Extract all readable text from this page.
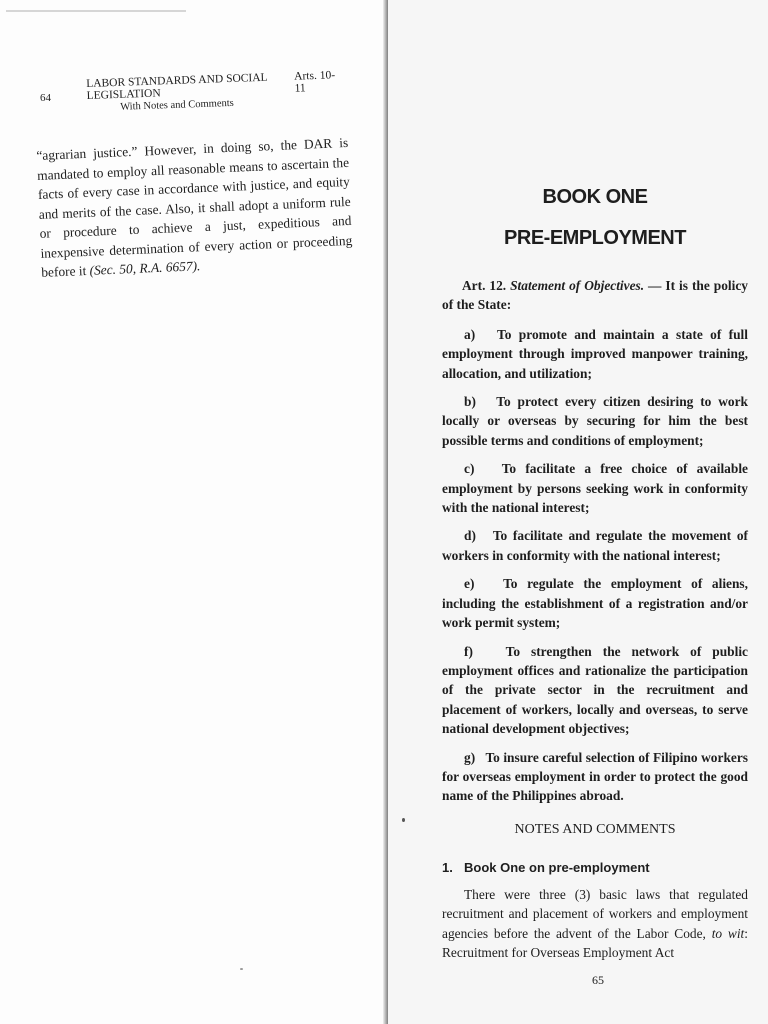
64
LABOR STANDARDS AND SOCIAL LEGISLATION
Arts. 10-11
With Notes and Comments
“agrarian justice.” However, in doing so, the DAR is mandated to employ all reasonable means to ascertain the facts of every case in accordance with justice, and equity and merits of the case. Also, it shall adopt a uniform rule or procedure to achieve a just, expeditious and inexpensive determination of every action or proceeding before it (Sec. 50, R.A. 6657).
BOOK ONE
PRE-EMPLOYMENT

Art. 12. Statement of Objectives. — It is the policy of the State:

a) To promote and maintain a state of full employment through improved manpower training, allocation, and utilization;

b) To protect every citizen desiring to work locally or overseas by securing for him the best possible terms and conditions of employment;

c) To facilitate a free choice of available employment by persons seeking work in conformity with the national interest;

d) To facilitate and regulate the movement of workers in conformity with the national interest;

e) To regulate the employment of aliens, including the establishment of a registration and/or work permit system;

f) To strengthen the network of public employment offices and rationalize the participation of the private sector in the recruitment and placement of workers, locally and overseas, to serve national development objectives;

g) To insure careful selection of Filipino workers for overseas employment in order to protect the good name of the Philippines abroad.

NOTES AND COMMENTS
1. Book One on pre-employment
There were three (3) basic laws that regulated recruitment and placement of workers and employment agencies before the advent of the Labor Code, to wit: Recruitment for Overseas Employment Act
65
